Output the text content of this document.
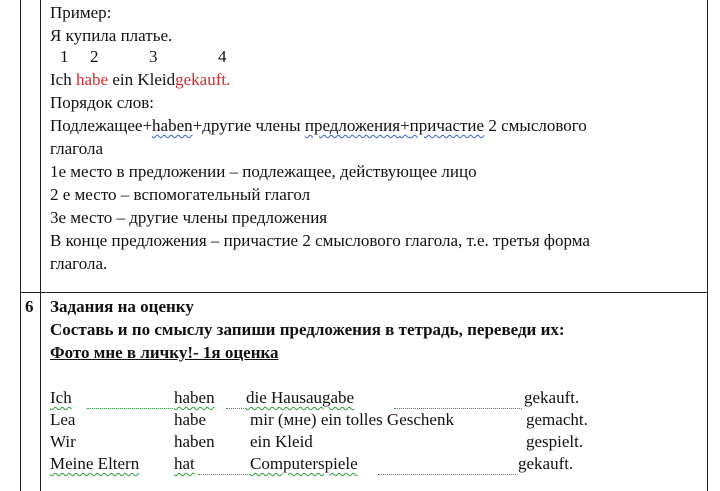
Пример:
Я купила платье.
1 2	3	4
Ich habe ein Kleidgekauft.
Порядок слов:
Подлежащее+haben+другие члены предложения+причастие 2 смыслового
глагола
1е место в предложении – подлежащее, действующее лицо
2 е место – вспомогательный глагол
3е место – другие члены предложения
В конце предложения – причастие 2 смыслового глагола, т.е. третья форма
глагола.
6 Задания на оценку
Составь и по смыслу запиши предложения в тетрадь, переведи их:
Фото мне в личку!- 1я оценка
Ich
Lea
Wir
Meine Eltern
haben
habe
haben
hat
die Hausaugabe
mir (мне) ein tolles Geschenk
ein Kleid
Computerspiele
gekauft.
gemacht.
gespielt.
gekauft.
